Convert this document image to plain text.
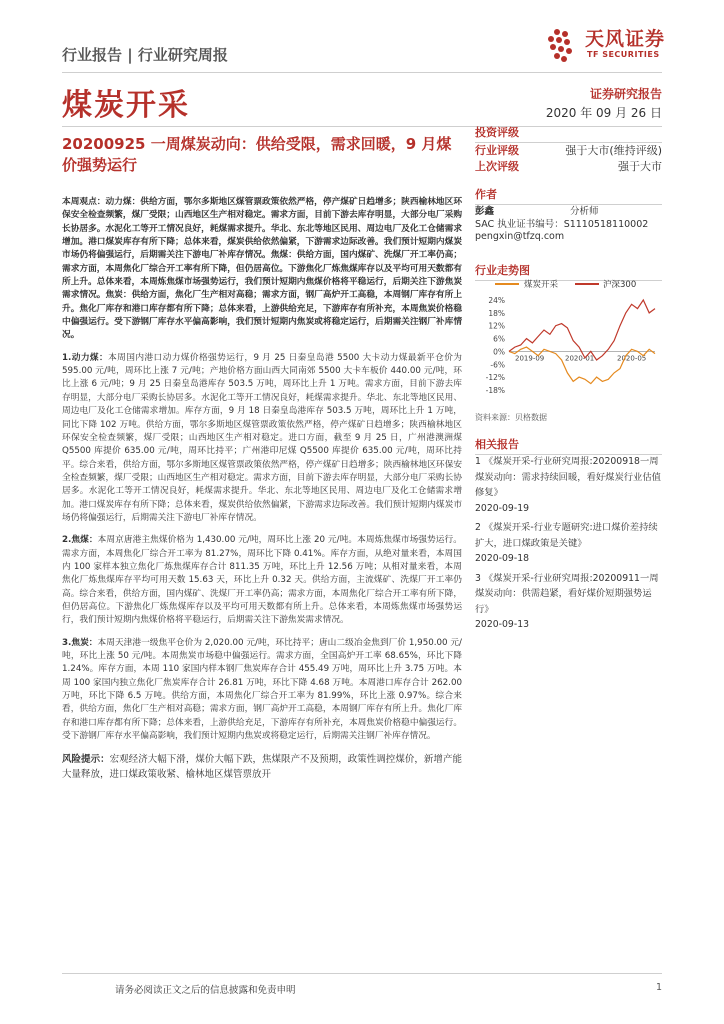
行业报告 | 行业研究周报
天风证券
TF SECURITIES
煤炭开采	证券研究报告
2020 年 09 月 26 日
20200925 一周煤炭动向：供给受限，需求回暖，9 月煤价强势运行
投资评级
行业评级	强于大市(维持评级)
上次评级	强于大市
作者
彭鑫	分析师
SAC 执业证书编号：S1110518110002
pengxin@tfzq.com
行业走势图
煤炭开采	沪深300
24%
18%
12%
6%
0%
-6%
-12%
-18%
2019-09	2020-01	2020-05
资料来源：贝格数据
相关报告
1 《煤炭开采-行业研究周报:20200918一周煤炭动向：需求持续回暖，看好煤炭行业估值修复》
2020-09-19
2 《煤炭开采-行业专题研究:进口煤价差持续扩大，进口煤政策是关键》
2020-09-18
3 《煤炭开采-行业研究周报:20200911一周煤炭动向：供需趋紧，看好煤价短期强势运行》
2020-09-13

本周观点：动力煤：供给方面，鄂尔多斯地区煤管票政策依然严格，停产煤矿日趋增多；陕西榆林地区环保安全检查频繁，煤厂受限；山西地区生产相对稳定。需求方面，目前下游去库存明显，大部分电厂采购长协居多。水泥化工等开工情况良好，耗煤需求提升。华北、东北等地区民用、周边电厂及化工仓储需求增加。港口煤炭库存有所下降；总体来看，煤炭供给依然偏紧，下游需求边际改善。我们预计短期内煤炭市场仍将偏强运行，后期需关注下游电厂补库存情况。焦煤：供给方面，国内煤矿、洗煤厂开工率仍高；需求方面，本周焦化厂综合开工率有所下降，但仍居高位。下游焦化厂炼焦煤库存以及平均可用天数都有所上升。总体来看，本周炼焦煤市场强势运行，我们预计短期内焦煤价格将平稳运行，后期关注下游焦炭需求情况。焦炭：供给方面，焦化厂生产相对高稳；需求方面，钢厂高炉开工高稳，本周钢厂库存有所上升。焦化厂库存和港口库存都有所下降；总体来看，上游供给充足，下游库存有所补充，本周焦炭价格稳中偏强运行。受下游钢厂库存水平偏高影响，我们预计短期内焦炭或将稳定运行，后期需关注钢厂补库情况。

1.动力煤：本周国内港口动力煤价格强势运行，9 月 25 日秦皇岛港 5500 大卡动力煤最新平仓价为 595.00 元/吨，周环比上涨 7 元/吨；产地价格方面山西大同南郊 5500 大卡车板价 440.00 元/吨，环比上涨 6 元/吨；9 月 25 日秦皇岛港库存 503.5 万吨，周环比上升 1 万吨。需求方面，目前下游去库存明显，大部分电厂采购长协居多。水泥化工等开工情况良好，耗煤需求提升。华北、东北等地区民用、周边电厂及化工仓储需求增加。库存方面，9 月 18 日秦皇岛港库存 503.5 万吨，周环比上升 1 万吨，同比下降 102 万吨。供给方面，鄂尔多斯地区煤管票政策依然严格，停产煤矿日趋增多；陕西榆林地区环保安全检查频繁，煤厂受限；山西地区生产相对稳定。进口方面，截至 9 月 25 日，广州港澳洲煤 Q5500 库提价 635.00 元/吨，周环比持平；广州港印尼煤 Q5500 库提价 635.00 元/吨，周环比持平。综合来看，供给方面，鄂尔多斯地区煤管票政策依然严格，停产煤矿日趋增多；陕西榆林地区环保安全检查频繁，煤厂受限；山西地区生产相对稳定。需求方面，目前下游去库存明显，大部分电厂采购长协居多。水泥化工等开工情况良好，耗煤需求提升。华北、东北等地区民用、周边电厂及化工仓储需求增加。港口煤炭库存有所下降；总体来看，煤炭供给依然偏紧，下游需求边际改善。我们预计短期内煤炭市场仍将偏强运行，后期需关注下游电厂补库存情况。

2.焦煤：本周京唐港主焦煤价格为 1,430.00 元/吨，周环比上涨 20 元/吨。本周炼焦煤市场强势运行。需求方面，本周焦化厂综合开工率为 81.27%，周环比下降 0.41%。库存方面，从绝对量来看，本周国内 100 家样本独立焦化厂炼焦煤库存合计 811.35 万吨，环比上升 12.56 万吨；从相对量来看，本周焦化厂炼焦煤库存平均可用天数 15.63 天，环比上升 0.32 天。供给方面，主流煤矿、洗煤厂开工率仍高。综合来看，供给方面，国内煤矿、洗煤厂开工率仍高；需求方面，本周焦化厂综合开工率有所下降，但仍居高位。下游焦化厂炼焦煤库存以及平均可用天数都有所上升。总体来看，本周炼焦煤市场强势运行，我们预计短期内焦煤价格将平稳运行，后期需关注下游焦炭需求情况。

3.焦炭：本周天津港一级焦平仓价为 2,020.00 元/吨，环比持平；唐山二级冶金焦到厂价 1,950.00 元/吨，环比上涨 50 元/吨。本周焦炭市场稳中偏强运行。需求方面，全国高炉开工率 68.65%，环比下降 1.24%。库存方面，本周 110 家国内样本钢厂焦炭库存合计 455.49 万吨，周环比上升 3.75 万吨。本周 100 家国内独立焦化厂焦炭库存合计 26.81 万吨，环比下降 4.68 万吨。本周港口库存合计 262.00 万吨，环比下降 6.5 万吨。供给方面，本周焦化厂综合开工率为 81.99%，环比上涨 0.97%。综合来看，供给方面，焦化厂生产相对高稳；需求方面，钢厂高炉开工高稳，本周钢厂库存有所上升。焦化厂库存和港口库存都有所下降；总体来看，上游供给充足，下游库存有所补充，本周焦炭价格稳中偏强运行。受下游钢厂库存水平偏高影响，我们预计短期内焦炭或将稳定运行，后期需关注钢厂补库存情况。

风险提示：宏观经济大幅下滑，煤价大幅下跌，焦煤限产不及预期，政策性调控煤价，新增产能大量释放，进口煤政策收紧、榆林地区煤管票放开

请务必阅读正文之后的信息披露和免责申明	1
